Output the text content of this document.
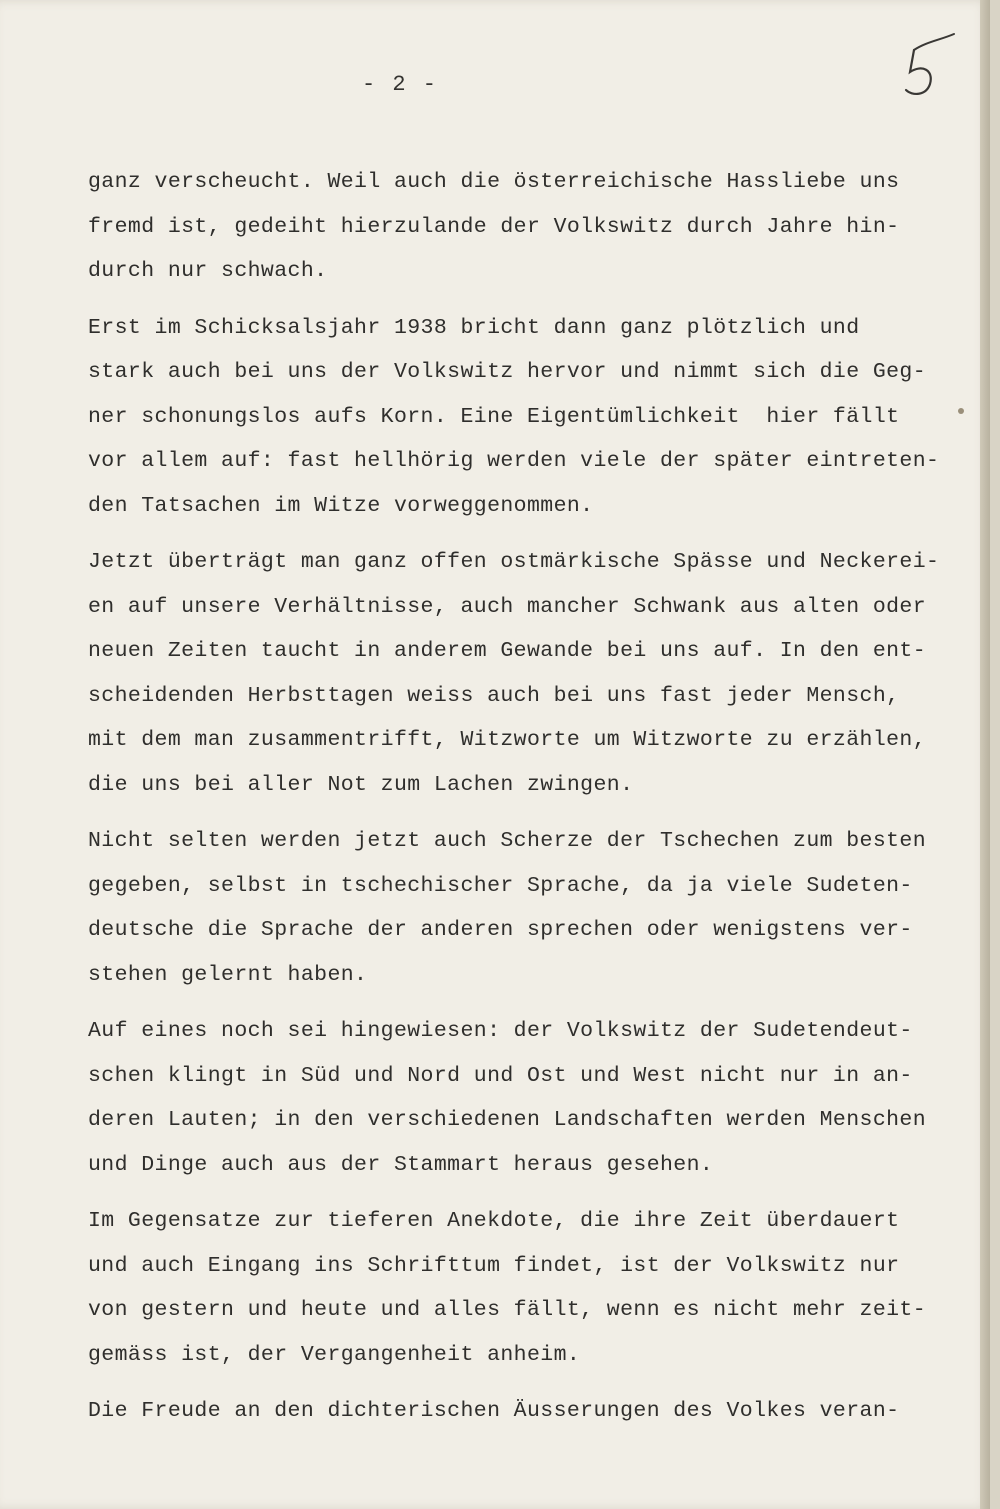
- 2 -
ganz verscheucht. Weil auch die österreichische Hassliebe uns
fremd ist, gedeiht hierzulande der Volkswitz durch Jahre hin-
durch nur schwach.
Erst im Schicksalsjahr 1938 bricht dann ganz plötzlich und
stark auch bei uns der Volkswitz hervor und nimmt sich die Geg-
ner schonungslos aufs Korn. Eine Eigentümlichkeit  hier fällt
vor allem auf: fast hellhörig werden viele der später eintreten-
den Tatsachen im Witze vorweggenommen.
Jetzt überträgt man ganz offen ostmärkische Spässe und Neckerei-
en auf unsere Verhältnisse, auch mancher Schwank aus alten oder
neuen Zeiten taucht in anderem Gewande bei uns auf. In den ent-
scheidenden Herbsttagen weiss auch bei uns fast jeder Mensch,
mit dem man zusammentrifft, Witzworte um Witzworte zu erzählen,
die uns bei aller Not zum Lachen zwingen.
Nicht selten werden jetzt auch Scherze der Tschechen zum besten
gegeben, selbst in tschechischer Sprache, da ja viele Sudeten-
deutsche die Sprache der anderen sprechen oder wenigstens ver-
stehen gelernt haben.
Auf eines noch sei hingewiesen: der Volkswitz der Sudetendeut-
schen klingt in Süd und Nord und Ost und West nicht nur in an-
deren Lauten; in den verschiedenen Landschaften werden Menschen
und Dinge auch aus der Stammart heraus gesehen.
Im Gegensatze zur tieferen Anekdote, die ihre Zeit überdauert
und auch Eingang ins Schrifttum findet, ist der Volkswitz nur
von gestern und heute und alles fällt, wenn es nicht mehr zeit-
gemäss ist, der Vergangenheit anheim.
Die Freude an den dichterischen Äusserungen des Volkes veran-
